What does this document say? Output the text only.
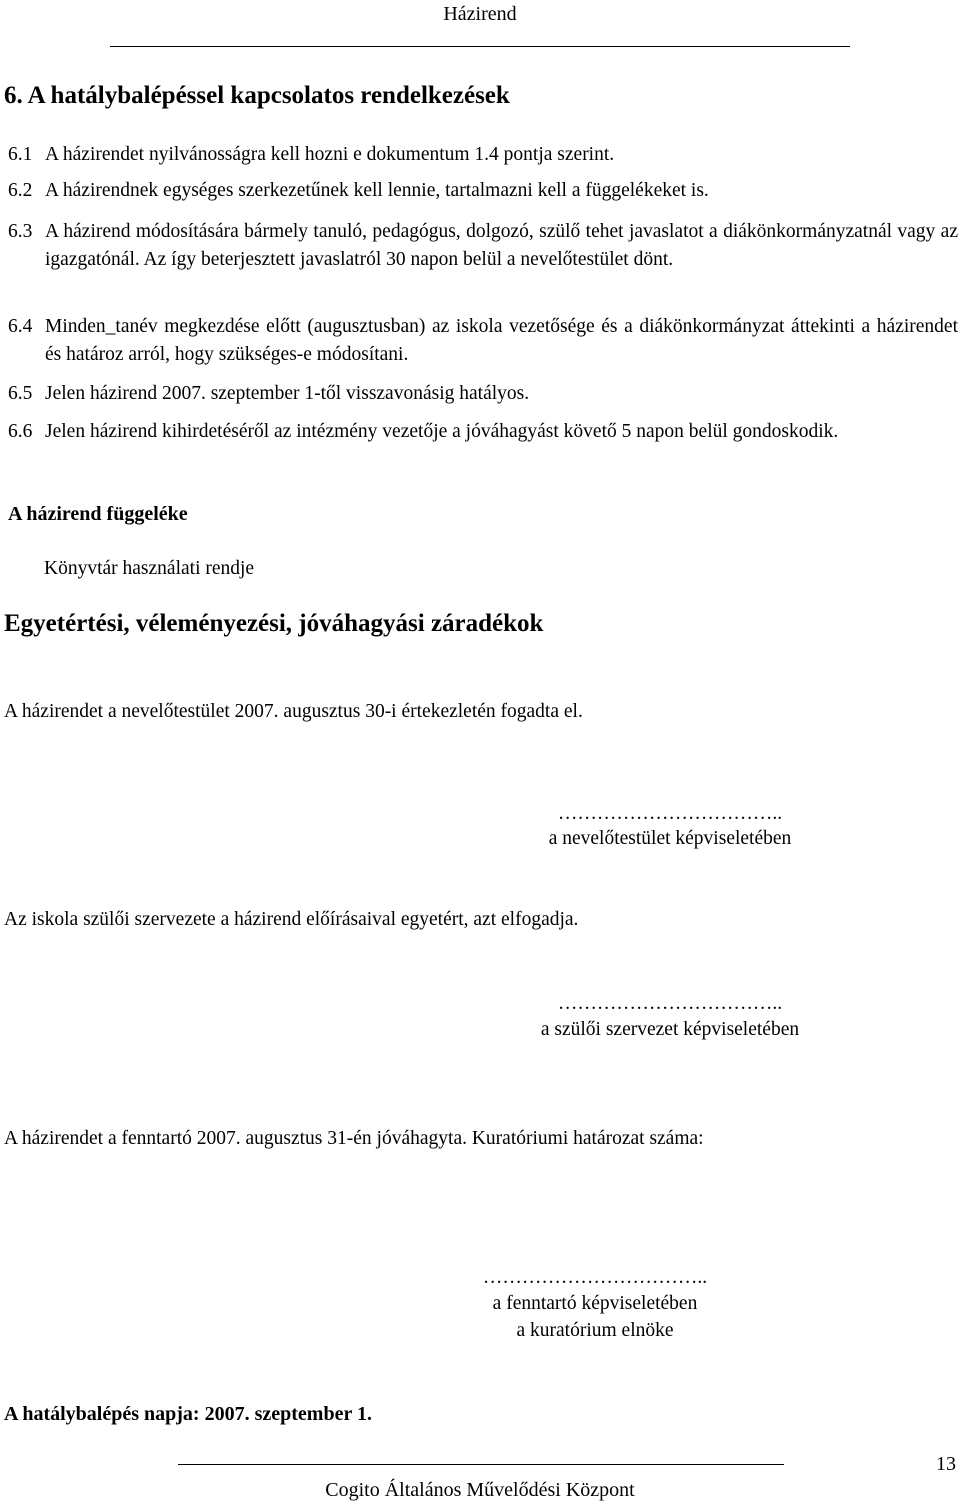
Házirend
6. A hatálybalépéssel kapcsolatos rendelkezések
6.1 A házirendet nyilvánosságra kell hozni e dokumentum 1.4 pontja szerint.
6.2 A házirendnek egységes szerkezetűnek kell lennie, tartalmazni kell a függelékeket is.
6.3 A házirend módosítására bármely tanuló, pedagógus, dolgozó, szülő tehet javaslatot a diákönkormányzatnál vagy az igazgatónál. Az így beterjesztett javaslatról 30 napon belül a nevelőtestület dönt.
6.4 Minden_tanév megkezdése előtt (augusztusban) az iskola vezetősége és a diákönkormányzat áttekinti a házirendet és határoz arról, hogy szükséges-e módosítani.
6.5 Jelen házirend 2007. szeptember 1-től visszavonásig hatályos.
6.6 Jelen házirend kihirdetéséről az intézmény vezetője a jóváhagyást követő 5 napon belül gondoskodik.
A házirend függeléke
Könyvtár használati rendje
Egyetértési, véleményezési, jóváhagyási záradékok
A házirendet a nevelőtestület 2007. augusztus 30-i értekezletén fogadta el.
……………………………..
a nevelőtestület képviseletében
Az iskola szülői szervezete a házirend előírásaival egyetért, azt elfogadja.
……………………………..
a szülői szervezet képviseletében
A házirendet a fenntartó 2007. augusztus 31-én jóváhagyta. Kuratóriumi határozat száma:
……………………………..
a fenntartó képviseletében
a kuratórium elnöke
A hatálybalépés napja: 2007. szeptember 1.
Cogito Általános Művelődési Központ
13
